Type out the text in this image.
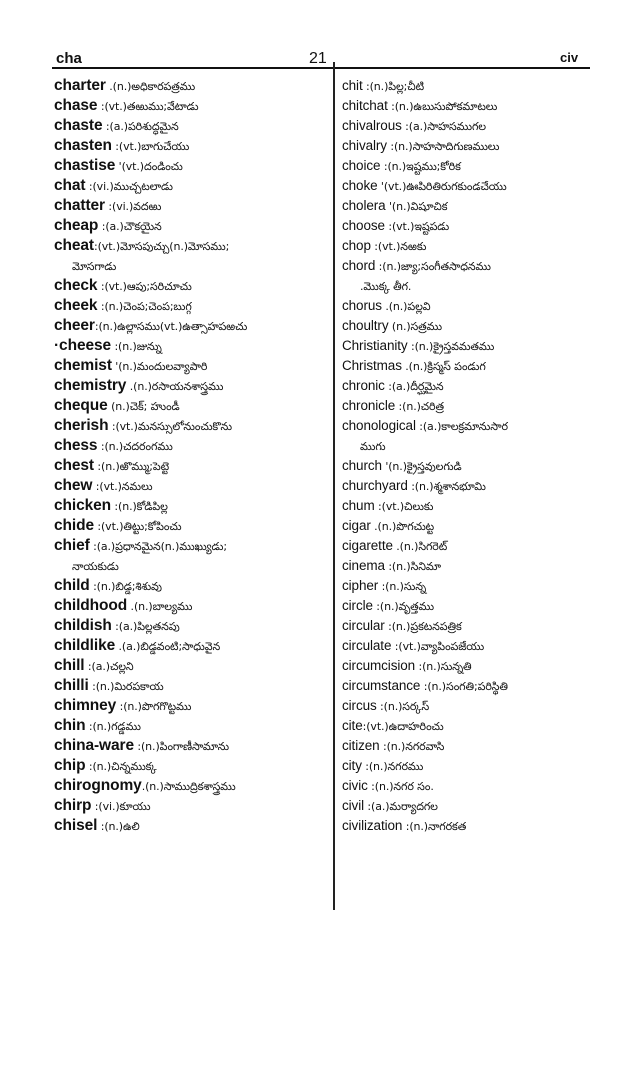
cha	21	civ
charter .(n.)అధికారపత్రము
chase :(vt.)తఱుము;వేటాడు
chaste :(a.)పరిశుద్ధమైన
chasten :(vt.)బాగుచేయు
chastise '(vt.)దండించు
chat :(vi.)ముచ్చటలాడు
chatter :(vi.)వదఱు
cheap :(a.)చౌకయైన
cheat:(vt.)మోసపుచ్చు(n.)మోసము;
మోసగాడు
check :(vt.)ఆపు;సరిచూచు
cheek :(n.)చెంప;చెంప;బుగ్గ
cheer:(n.)ఉల్లాసము(vt.)ఉత్సాహపఱచు
·cheese :(n.)జున్ను
chemist '(n.)మందులవ్యాపారి
chemistry .(n.)రసాయనశాస్త్రము
cheque (n.)చెక్; హుండీ
cherish :(vt.)మనస్సులోనుంచుకొను
chess :(n.)చదరంగము
chest :(n.)ఱొమ్ము;పెట్టె
chew :(vt.)నమలు
chicken :(n.)కోడిపిల్ల
chide :(vt.)తిట్టు;కోపించు
chief :(a.)ప్రధానమైన(n.)ముఖ్యుడు;
నాయకుడు
child :(n.)బిడ్డ;శిశువు
childhood .(n.)బాల్యము
childish :(a.)పిల్లతనపు
childlike .(a.)బిడ్డవంటి;సాధువైన
chill :(a.)చల్లని
chilli :(n.)మిరపకాయ
chimney :(n.)పొగగొట్టము
chin :(n.)గడ్డము
china-ware :(n.)పింగాణీసామాను
chip :(n.)చిన్నముక్క
chirognomy.(n.)సాముద్రికశాస్త్రము
chirp :(vi.)కూయు
chisel :(n.)ఉలి
chit :(n.)పిల్ల;చీటి
chitchat :(n.)ఉబుసుపోకమాటలు
chivalrous :(a.)సాహసముగల
chivalry :(n.)సాహసాదిగుణములు
choice :(n.)ఇష్టము;కోరిక
choke '(vt.)ఊపిరితిరుగకుండచేయు
cholera '(n.)విషూచిక
choose :(vt.)ఇష్టపడు
chop :(vt.)నఱకు
chord :(n.)జ్యా;సంగీతసాధనము
.మొక్క తీగ.
chorus .(n.)పల్లవి
choultry (n.)సత్రము
Christianity :(n.)క్రైస్తవమతము
Christmas .(n.)క్రిస్మస్ పండుగ
chronic :(a.)దీర్ఘమైన
chronicle :(n.)చరిత్ర
chonological :(a.)కాలక్రమానుసార
ముగు
church '(n.)క్రైస్తవులగుడి
churchyard :(n.)శ్మశానభూమి
chum :(vt.)చిలుకు
cigar .(n.)పొగచుట్ట
cigarette .(n.)సిగరెట్
cinema :(n.)సినిమా
cipher :(n.)సున్న
circle :(n.)వృత్తము
circular :(n.)ప్రకటనపత్రిక
circulate :(vt.)వ్యాపింపజేయు
circumcision :(n.)సున్నతి
circumstance :(n.)సంగతి;పరిస్థితి
circus :(n.)సర్కస్
cite:(vt.)ఉదాహరించు
citizen :(n.)నగరవాసి
city :(n.)నగరము
civic :(n.)నగర సం.
civil :(a.)మర్యాదగల
civilization :(n.)నాగరకత
